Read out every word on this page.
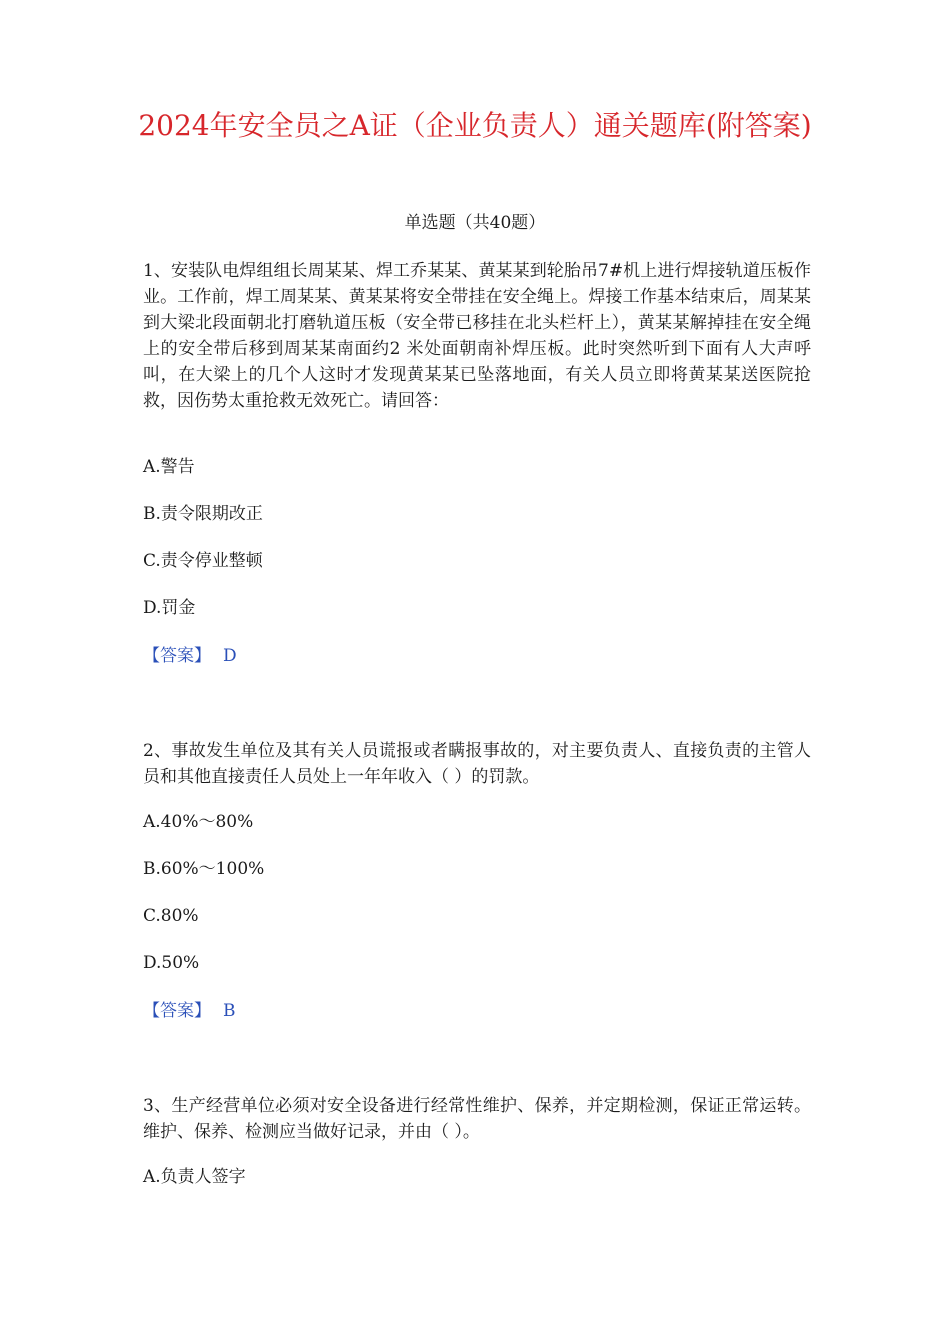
2024年安全员之A证（企业负责人）通关题库(附答案)
单选题（共40题）
1、安装队电焊组组长周某某、焊工乔某某、黄某某到轮胎吊7#机上进行焊接轨道压板作业。工作前，焊工周某某、黄某某将安全带挂在安全绳上。焊接工作基本结束后，周某某到大梁北段面朝北打磨轨道压板（安全带已移挂在北头栏杆上），黄某某解掉挂在安全绳上的安全带后移到周某某南面约2 米处面朝南补焊压板。此时突然听到下面有人大声呼叫，在大梁上的几个人这时才发现黄某某已坠落地面，有关人员立即将黄某某送医院抢救，因伤势太重抢救无效死亡。请回答：
A.警告
B.责令限期改正
C.责令停业整顿
D.罚金
【答案】 D
2、事故发生单位及其有关人员谎报或者瞒报事故的，对主要负责人、直接负责的主管人员和其他直接责任人员处上一年年收入（ ）的罚款。
A.40%～80%
B.60%～100%
C.80%
D.50%
【答案】 B
3、生产经营单位必须对安全设备进行经常性维护、保养，并定期检测，保证正常运转。维护、保养、检测应当做好记录，并由（ ）。
A.负责人签字
